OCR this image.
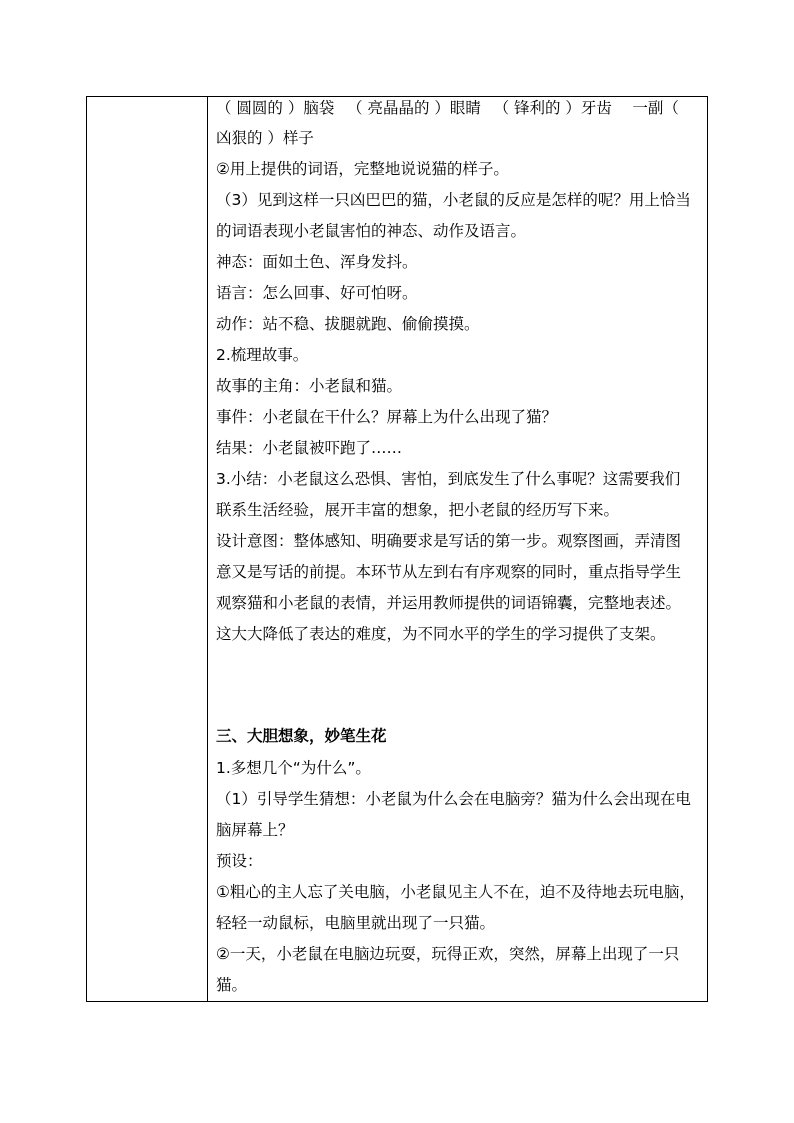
（ 圆圆的 ）脑袋 　（ 亮晶晶的 ）眼睛 　（ 锋利的 ）牙齿 　一副（
凶狠的 ）样子
②用上提供的词语，完整地说说猫的样子。
（3）见到这样一只凶巴巴的猫，小老鼠的反应是怎样的呢？用上恰当
的词语表现小老鼠害怕的神态、动作及语言。
神态：面如土色、浑身发抖。
语言：怎么回事、好可怕呀。
动作：站不稳、拔腿就跑、偷偷摸摸。
2.梳理故事。
故事的主角：小老鼠和猫。
事件：小老鼠在干什么？屏幕上为什么出现了猫？
结果：小老鼠被吓跑了……
3.小结：小老鼠这么恐惧、害怕，到底发生了什么事呢？这需要我们
联系生活经验，展开丰富的想象，把小老鼠的经历写下来。
设计意图：整体感知、明确要求是写话的第一步。观察图画，弄清图
意又是写话的前提。本环节从左到右有序观察的同时，重点指导学生
观察猫和小老鼠的表情，并运用教师提供的词语锦囊，完整地表述。
这大大降低了表达的难度，为不同水平的学生的学习提供了支架。
三、大胆想象，妙笔生花
1.多想几个“为什么”。
（1）引导学生猜想：小老鼠为什么会在电脑旁？猫为什么会出现在电
脑屏幕上？
预设：
①粗心的主人忘了关电脑，小老鼠见主人不在，迫不及待地去玩电脑，
轻轻一动鼠标，电脑里就出现了一只猫。
②一天，小老鼠在电脑边玩耍，玩得正欢，突然，屏幕上出现了一只
猫。
